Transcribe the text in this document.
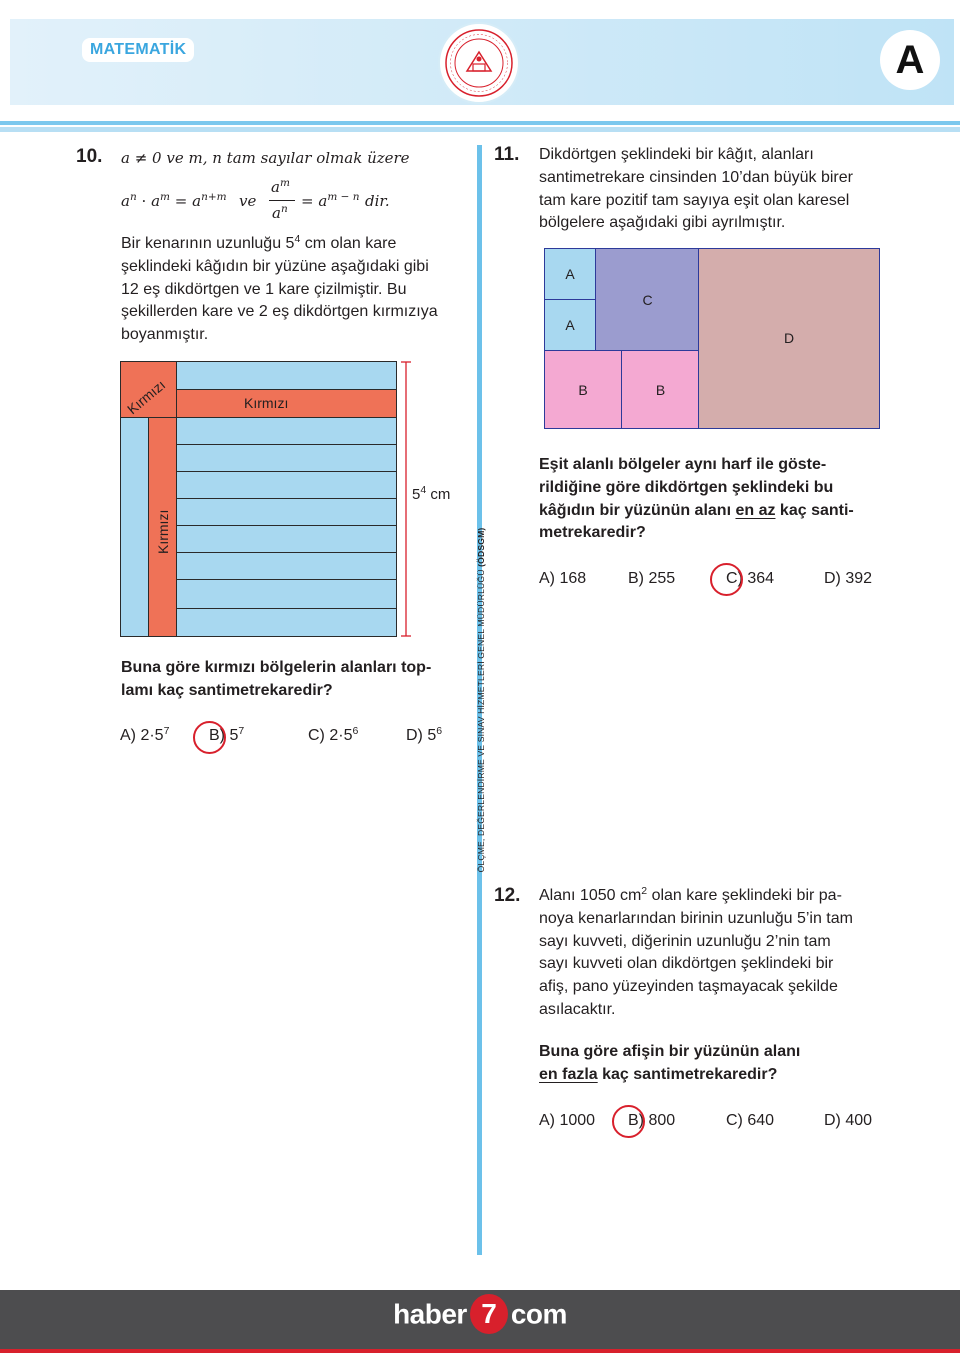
MATEMATİK	A
ÖLÇME, DEĞERLENDİRME VE SINAV HİZMETLERİ GENEL MÜDÜRLÜĞÜ (ÖDSGM)
10. a ≠ 0 ve m, n tam sayılar olmak üzere
$a^n \cdot a^m = a^{n+m}$ ve
$a^m$
$a^n = a^{m - n}$ dir.
Bir kenarının uzunluğu $5^4$ cm olan kare
şeklindeki kâğıdın bir yüzüne aşağıdaki gibi
12 eş dikdörtgen ve 1 kare çizilmiştir. Bu
şekillerden kare ve 2 eş dikdörtgen kırmızıya
boyanmıştır.
Kırmızı	Kırmızı
Kırmızı
$5^4$ cm
Buna göre kırmızı bölgelerin alanları top-
lamı kaç santimetrekaredir?
A) $2\cdot 5^7$ B) $5^7$	C) $2\cdot 5^6$	D) $5^6$
11. Dikdörtgen şeklindeki bir kâğıt, alanları
santimetrekare cinsinden 10’dan büyük birer
tam kare pozitif tam sayıya eşit olan karesel
bölgelere aşağıdaki gibi ayrılmıştır.
A
A
C
B	B
D
Eşit alanlı bölgeler aynı harf ile göste-
rildiğine göre dikdörtgen şeklindeki bu
kâğıdın bir yüzünün alanı en az kaç santi-
metrekaredir?
A) 168	B) 255	C) 364	D) 392
12. Alanı 1050 $cm^2$ olan kare şeklindeki bir pa-
noya kenarlarından birinin uzunluğu 5’in tam
sayı kuvveti, diğerinin uzunluğu 2’nin tam
sayı kuvveti olan dikdörtgen şeklindeki bir
afiş, pano yüzeyinden taşmayacak şekilde
asılacaktır.
Buna göre afişin bir yüzünün alanı
en fazla kaç santimetrekaredir?
A) 1000 B) 800	C) 640	D) 400
haber 7 com
